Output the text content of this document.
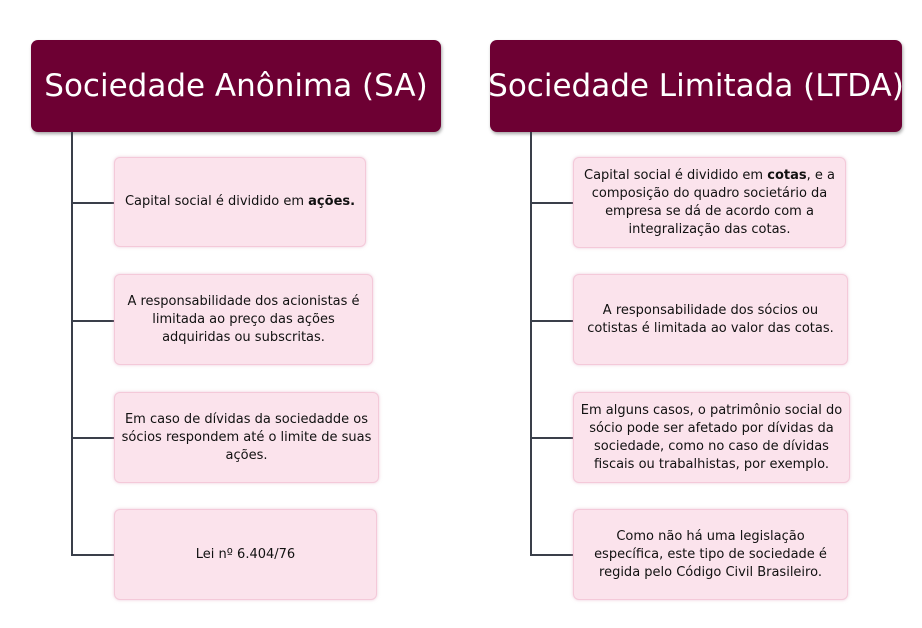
Sociedade Anônima (SA)
Capital social é dividido em ações.
A responsabilidade dos acionistas é limitada ao preço das ações adquiridas ou subscritas.
Em caso de dívidas da sociedadde os sócios respondem até o limite de suas ações.
Lei nº 6.404/76
Sociedade Limitada (LTDA)
Capital social é dividido em cotas, e a composição do quadro societário da empresa se dá de acordo com a integralização das cotas.
A responsabilidade dos sócios ou cotistas é limitada ao valor das cotas.
Em alguns casos, o patrimônio social do sócio pode ser afetado por dívidas da sociedade, como no caso de dívidas fiscais ou trabalhistas, por exemplo.
Como não há uma legislação específica, este tipo de sociedade é regida pelo Código Civil Brasileiro.
